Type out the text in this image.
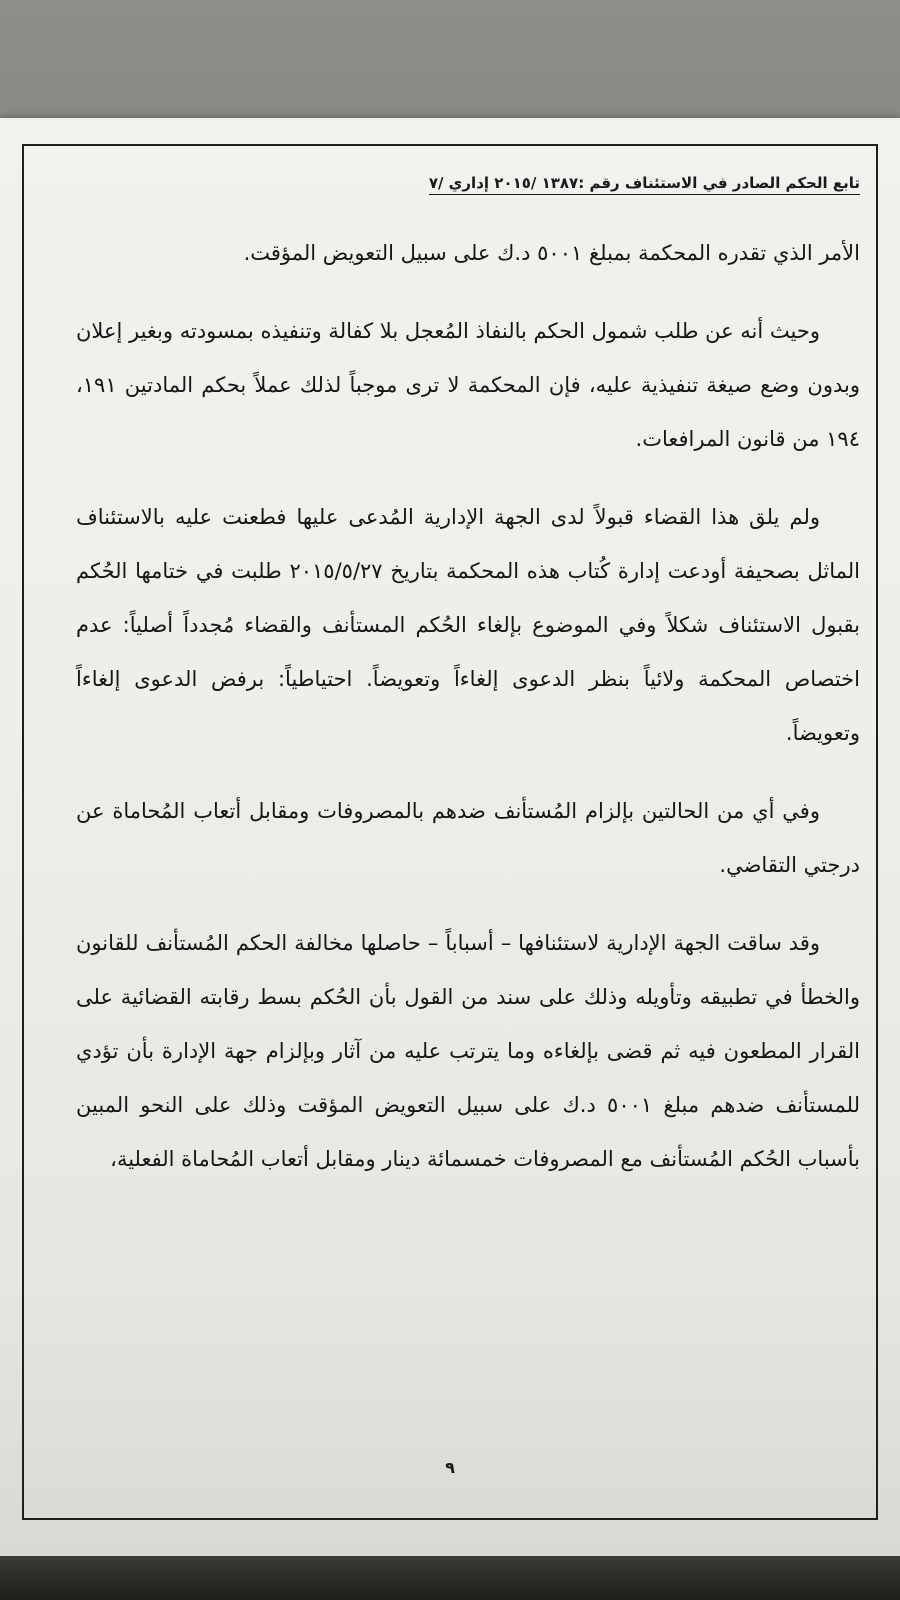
تابع الحكم الصادر في الاستئناف رقم :١٣٨٧ /٢٠١٥ إداري /٧

الأمر الذي تقدره المحكمة بمبلغ ٥٠٠١ د.ك على سبيل التعويض المؤقت.

وحيث أنه عن طلب شمول الحكم بالنفاذ المُعجل بلا كفالة وتنفيذه بمسودته وبغير إعلان وبدون وضع صيغة تنفيذية عليه، فإن المحكمة لا ترى موجباً لذلك عملاً بحكم المادتين ١٩١، ١٩٤ من قانون المرافعات.

ولم يلق هذا القضاء قبولاً لدى الجهة الإدارية المُدعى عليها فطعنت عليه بالاستئناف الماثل بصحيفة أودعت إدارة كُتاب هذه المحكمة بتاريخ ٢٠١٥/٥/٢٧ طلبت في ختامها الحُكم بقبول الاستئناف شكلاً وفي الموضوع بإلغاء الحُكم المستأنف والقضاء مُجدداً أصلياً: عدم اختصاص المحكمة ولائياً بنظر الدعوى إلغاءاً وتعويضاً. احتياطياً: برفض الدعوى إلغاءاً وتعويضاً.

وفي أي من الحالتين بإلزام المُستأنف ضدهم بالمصروفات ومقابل أتعاب المُحاماة عن درجتي التقاضي.

وقد ساقت الجهة الإدارية لاستئنافها – أسباباً – حاصلها مخالفة الحكم المُستأنف للقانون والخطأ في تطبيقه وتأويله وذلك على سند من القول بأن الحُكم بسط رقابته القضائية على القرار المطعون فيه ثم قضى بإلغاءه وما يترتب عليه من آثار وبإلزام جهة الإدارة بأن تؤدي للمستأنف ضدهم مبلغ ٥٠٠١ د.ك على سبيل التعويض المؤقت وذلك على النحو المبين بأسباب الحُكم المُستأنف مع المصروفات خمسمائة دينار ومقابل أتعاب المُحاماة الفعلية،

٩
